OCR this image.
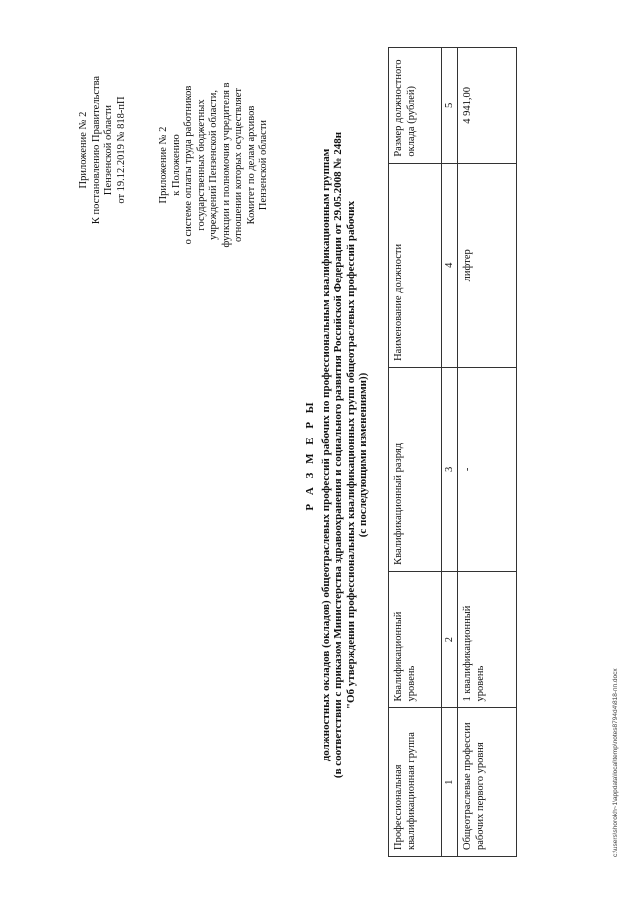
Приложение № 2 К постановлению Правительства Пензенской области от 19.12.2019 № 818-пП	Приложение № 2 к Положению о системе оплаты труда работников государственных бюджетных учреждений Пензенской области, функции и полномочия учредителя в отношении которых осуществляет Комитет по делам архивов Пензенской области
Р А З М Е Р Ы должностных окладов (окладов) общеотраслевых профессий рабочих по профессиональным квалификационным группам (в соответствии с приказом Министерства здравоохранения и социального развития Российской Федерации от 29.05.2008 № 248н "Об утверждении профессиональных квалификационных групп общеотраслевых профессий рабочих (с последующими изменениями))
Профессиональная квалификационная группа	Квалификационный уровень	Квалификационный разряд	Наименование должности	Размер должностного оклада (рублей)
1	2	3	4	5
Общеотраслевые профессии рабочих первого уровня	1 квалификационный уровень	-	лифтер	4 941,00
c:\users\shorokh~1\appdata\local\temp\notes8794d4\818-пп.docx
